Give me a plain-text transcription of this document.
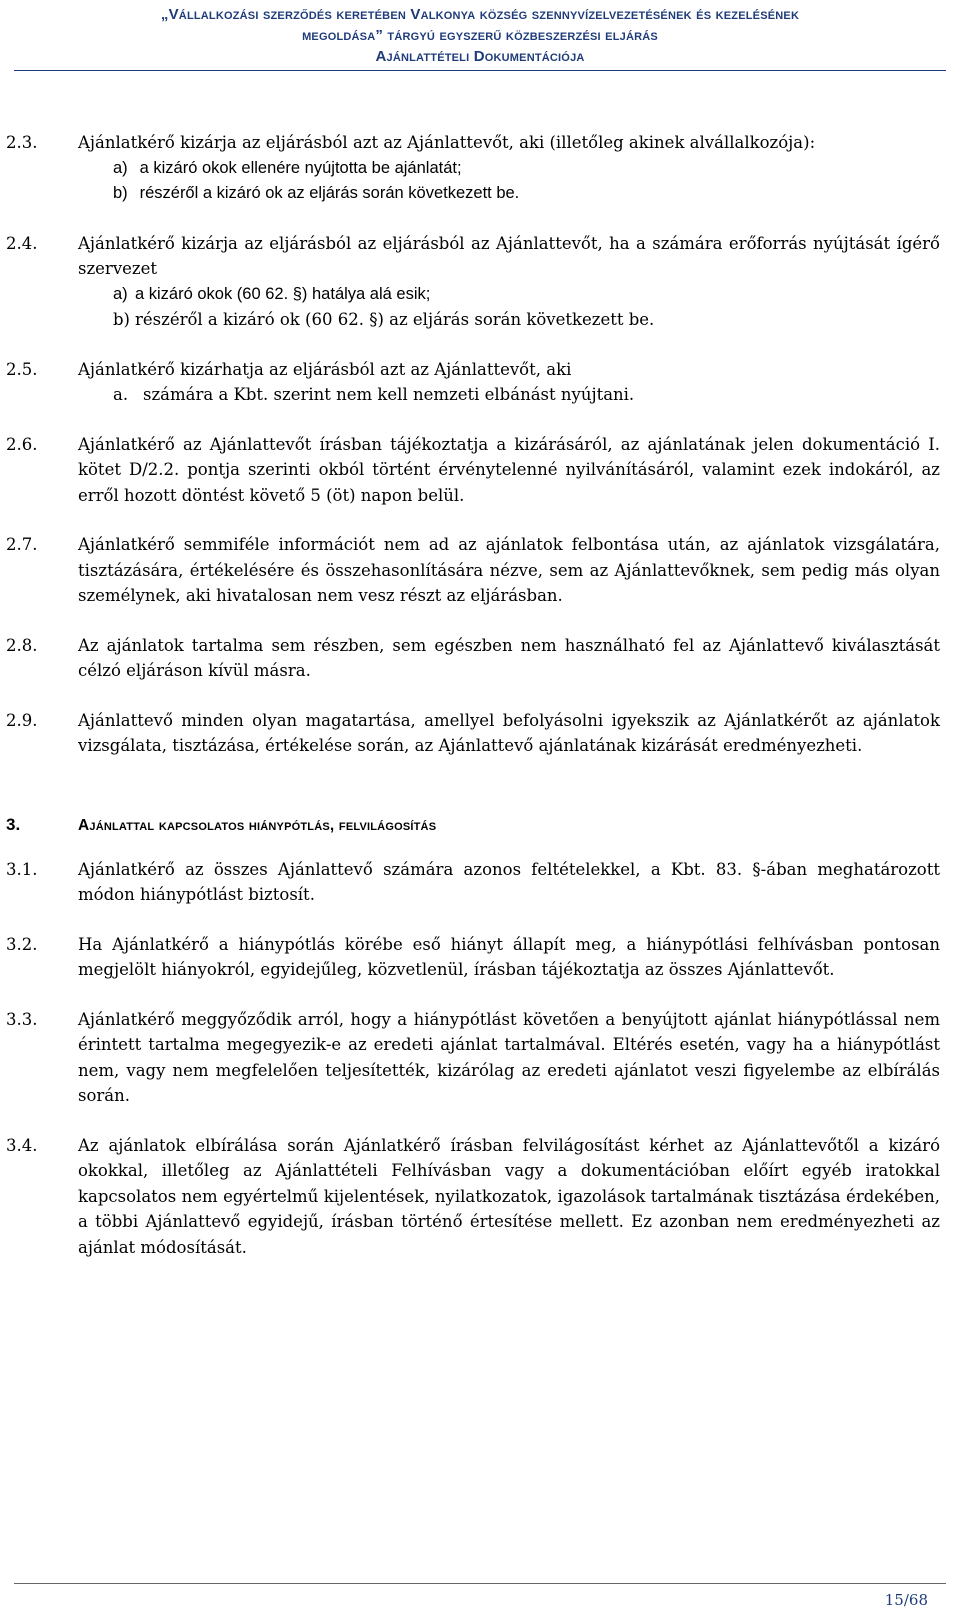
„Vállalkozási szerződés keretében Valkonya község szennyvízelvezetésének és kezelésének
megoldása” tárgyú egyszerű közbeszerzési eljárás
Ajánlattételi Dokumentációja
2.3.	Ajánlatkérő kizárja az eljárásból azt az Ajánlattevőt, aki (illetőleg akinek alvállalkozója):
a) a kizáró okok ellenére nyújtotta be ajánlatát;
b) részéről a kizáró ok az eljárás során következett be.
2.4.	Ajánlatkérő kizárja az eljárásból az eljárásból az Ajánlattevőt, ha a számára erőforrás nyújtását ígérő szervezet
a) a kizáró okok (60 62. §) hatálya alá esik;
b) részéről a kizáró ok (60 62. §) az eljárás során következett be.
2.5.	Ajánlatkérő kizárhatja az eljárásból azt az Ajánlattevőt, aki
a. számára a Kbt. szerint nem kell nemzeti elbánást nyújtani.
2.6.	Ajánlatkérő az Ajánlattevőt írásban tájékoztatja a kizárásáról, az ajánlatának jelen dokumentáció I. kötet D/2.2. pontja szerinti okból történt érvénytelenné nyilvánításáról, valamint ezek indokáról, az erről hozott döntést követő 5 (öt) napon belül.
2.7.	Ajánlatkérő semmiféle információt nem ad az ajánlatok felbontása után, az ajánlatok vizsgálatára, tisztázására, értékelésére és összehasonlítására nézve, sem az Ajánlattevőknek, sem pedig más olyan személynek, aki hivatalosan nem vesz részt az eljárásban.
2.8.	Az ajánlatok tartalma sem részben, sem egészben nem használható fel az Ajánlattevő kiválasztását célzó eljáráson kívül másra.
2.9.	Ajánlattevő minden olyan magatartása, amellyel befolyásolni igyekszik az Ajánlatkérőt az ajánlatok vizsgálata, tisztázása, értékelése során, az Ajánlattevő ajánlatának kizárását eredményezheti.
3.	Ajánlattal kapcsolatos hiánypótlás, felvilágosítás
3.1.	Ajánlatkérő az összes Ajánlattevő számára azonos feltételekkel, a Kbt. 83. §-ában meghatározott módon hiánypótlást biztosít.
3.2.	Ha Ajánlatkérő a hiánypótlás körébe eső hiányt állapít meg, a hiánypótlási felhívásban pontosan megjelölt hiányokról, egyidejűleg, közvetlenül, írásban tájékoztatja az összes Ajánlattevőt.
3.3.	Ajánlatkérő meggyőződik arról, hogy a hiánypótlást követően a benyújtott ajánlat hiánypótlással nem érintett tartalma megegyezik-e az eredeti ajánlat tartalmával. Eltérés esetén, vagy ha a hiánypótlást nem, vagy nem megfelelően teljesítették, kizárólag az eredeti ajánlatot veszi figyelembe az elbírálás során.
3.4.	Az ajánlatok elbírálása során Ajánlatkérő írásban felvilágosítást kérhet az Ajánlattevőtől a kizáró okokkal, illetőleg az Ajánlattételi Felhívásban vagy a dokumentációban előírt egyéb iratokkal kapcsolatos nem egyértelmű kijelentések, nyilatkozatok, igazolások tartalmának tisztázása érdekében, a többi Ajánlattevő egyidejű, írásban történő értesítése mellett. Ez azonban nem eredményezheti az ajánlat módosítását.
15/68
